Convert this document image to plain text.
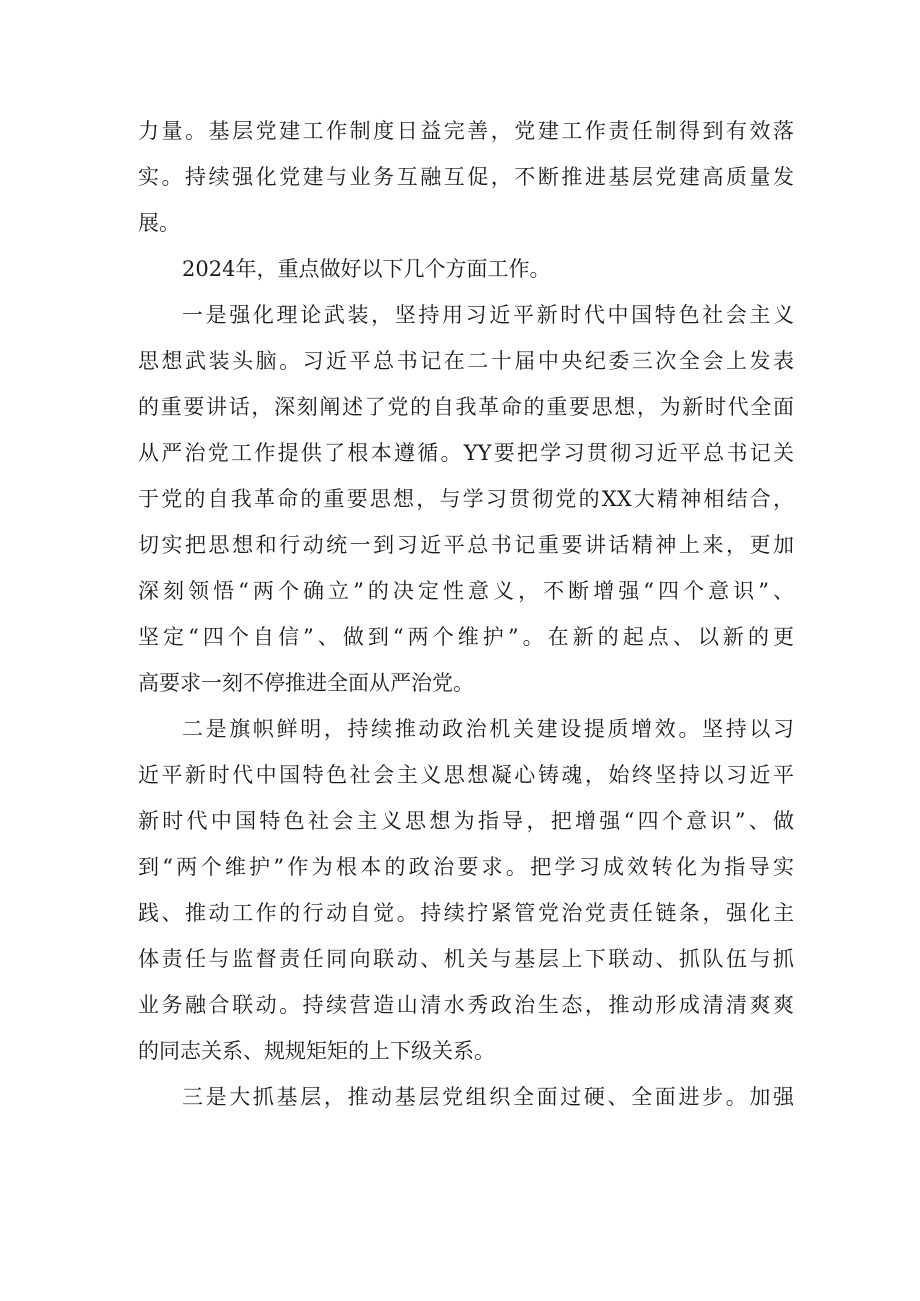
力量。基层党建工作制度日益完善，党建工作责任制得到有效落
实。持续强化党建与业务互融互促，不断推进基层党建高质量发
展。
2024年，重点做好以下几个方面工作。
一是强化理论武装，坚持用习近平新时代中国特色社会主义
思想武装头脑。习近平总书记在二十届中央纪委三次全会上发表
的重要讲话，深刻阐述了党的自我革命的重要思想，为新时代全面
从严治党工作提供了根本遵循。YY要把学习贯彻习近平总书记关
于党的自我革命的重要思想，与学习贯彻党的XX大精神相结合，
切实把思想和行动统一到习近平总书记重要讲话精神上来，更加
深刻领悟“两个确立”的决定性意义，不断增强“四个意识”、
坚定“四个自信”、做到“两个维护”。在新的起点、以新的更
高要求一刻不停推进全面从严治党。
二是旗帜鲜明，持续推动政治机关建设提质增效。坚持以习
近平新时代中国特色社会主义思想凝心铸魂，始终坚持以习近平
新时代中国特色社会主义思想为指导，把增强“四个意识”、做
到“两个维护”作为根本的政治要求。把学习成效转化为指导实
践、推动工作的行动自觉。持续拧紧管党治党责任链条，强化主
体责任与监督责任同向联动、机关与基层上下联动、抓队伍与抓
业务融合联动。持续营造山清水秀政治生态，推动形成清清爽爽
的同志关系、规规矩矩的上下级关系。
三是大抓基层，推动基层党组织全面过硬、全面进步。加强
